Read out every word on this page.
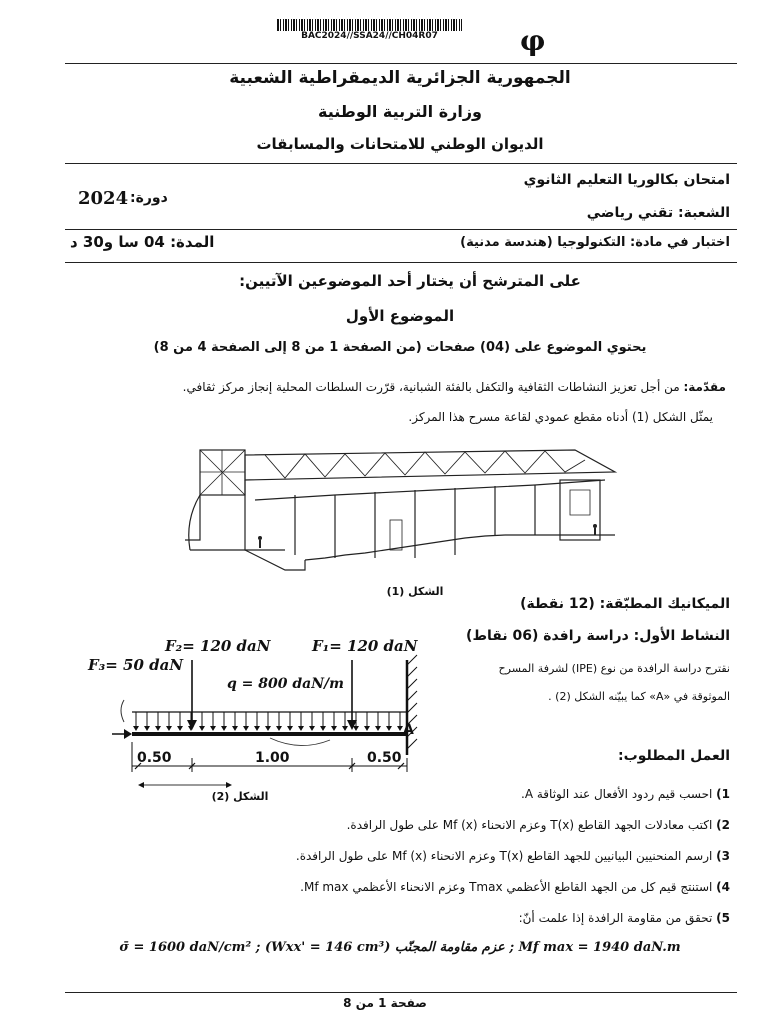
BAC2024//SSA24//CH04R07	φ
الجمهورية الجزائرية الديمقراطية الشعبية
وزارة التربية الوطنية
الديوان الوطني للامتحانات والمسابقات
امتحان بكالوريا التعليم الثانوي
2024 دورة:
الشعبة: تقني رياضي
اختبار في مادة: التكنولوجيا (هندسة مدنية)
المدة: 04 سا و30 د
على المترشح أن يختار أحد الموضوعين الآتيين:
الموضوع الأول
يحتوي الموضوع على (04) صفحات (من الصفحة 1 من 8 إلى الصفحة 4 من 8)
مقدّمة: من أجل تعزيز النشاطات الثقافية والتكفل بالفئة الشبانية، قرّرت السلطات المحلية إنجاز مركز ثقافي.
يمثّل الشكل (1) أدناه مقطع عمودي لقاعة مسرح هذا المركز.
الشكل (1)
الميكانيك المطبّقة: (12 نقطة)
النشاط الأول: دراسة رافدة (06 نقاط)
نقترح دراسة الرافدة من نوع (IPE) لشرفة المسرح
الموثوقة في «A» كما يبيّنه الشكل (2) .
F₂= 120 daN	F₁= 120 daN
F₃= 50 daN
q = 800 daN/m
A
0.50	1.00	0.50
الشكل (2)
العمل المطلوب:
1) احسب قيم ردود الأفعال عند الوثاقة A.
2) اكتب معادلات الجهد القاطع T(x) وعزم الانحناء Mf (x) على طول الرافدة.
3) ارسم المنحنيين البيانيين للجهد القاطع T(x) وعزم الانحناء Mf (x) على طول الرافدة.
4) استنتج قيم كل من الجهد القاطع الأعظمي Tmax وعزم الانحناء الأعظمي Mf max.
5) تحقق من مقاومة الرافدة إذا علمت أنّ:
σ̄ = 1600 daN/cm² ; (Wxx' = 146 cm³) عزم مقاومة المجنّب ; Mf max = 1940 daN.m
صفحة 1 من 8
